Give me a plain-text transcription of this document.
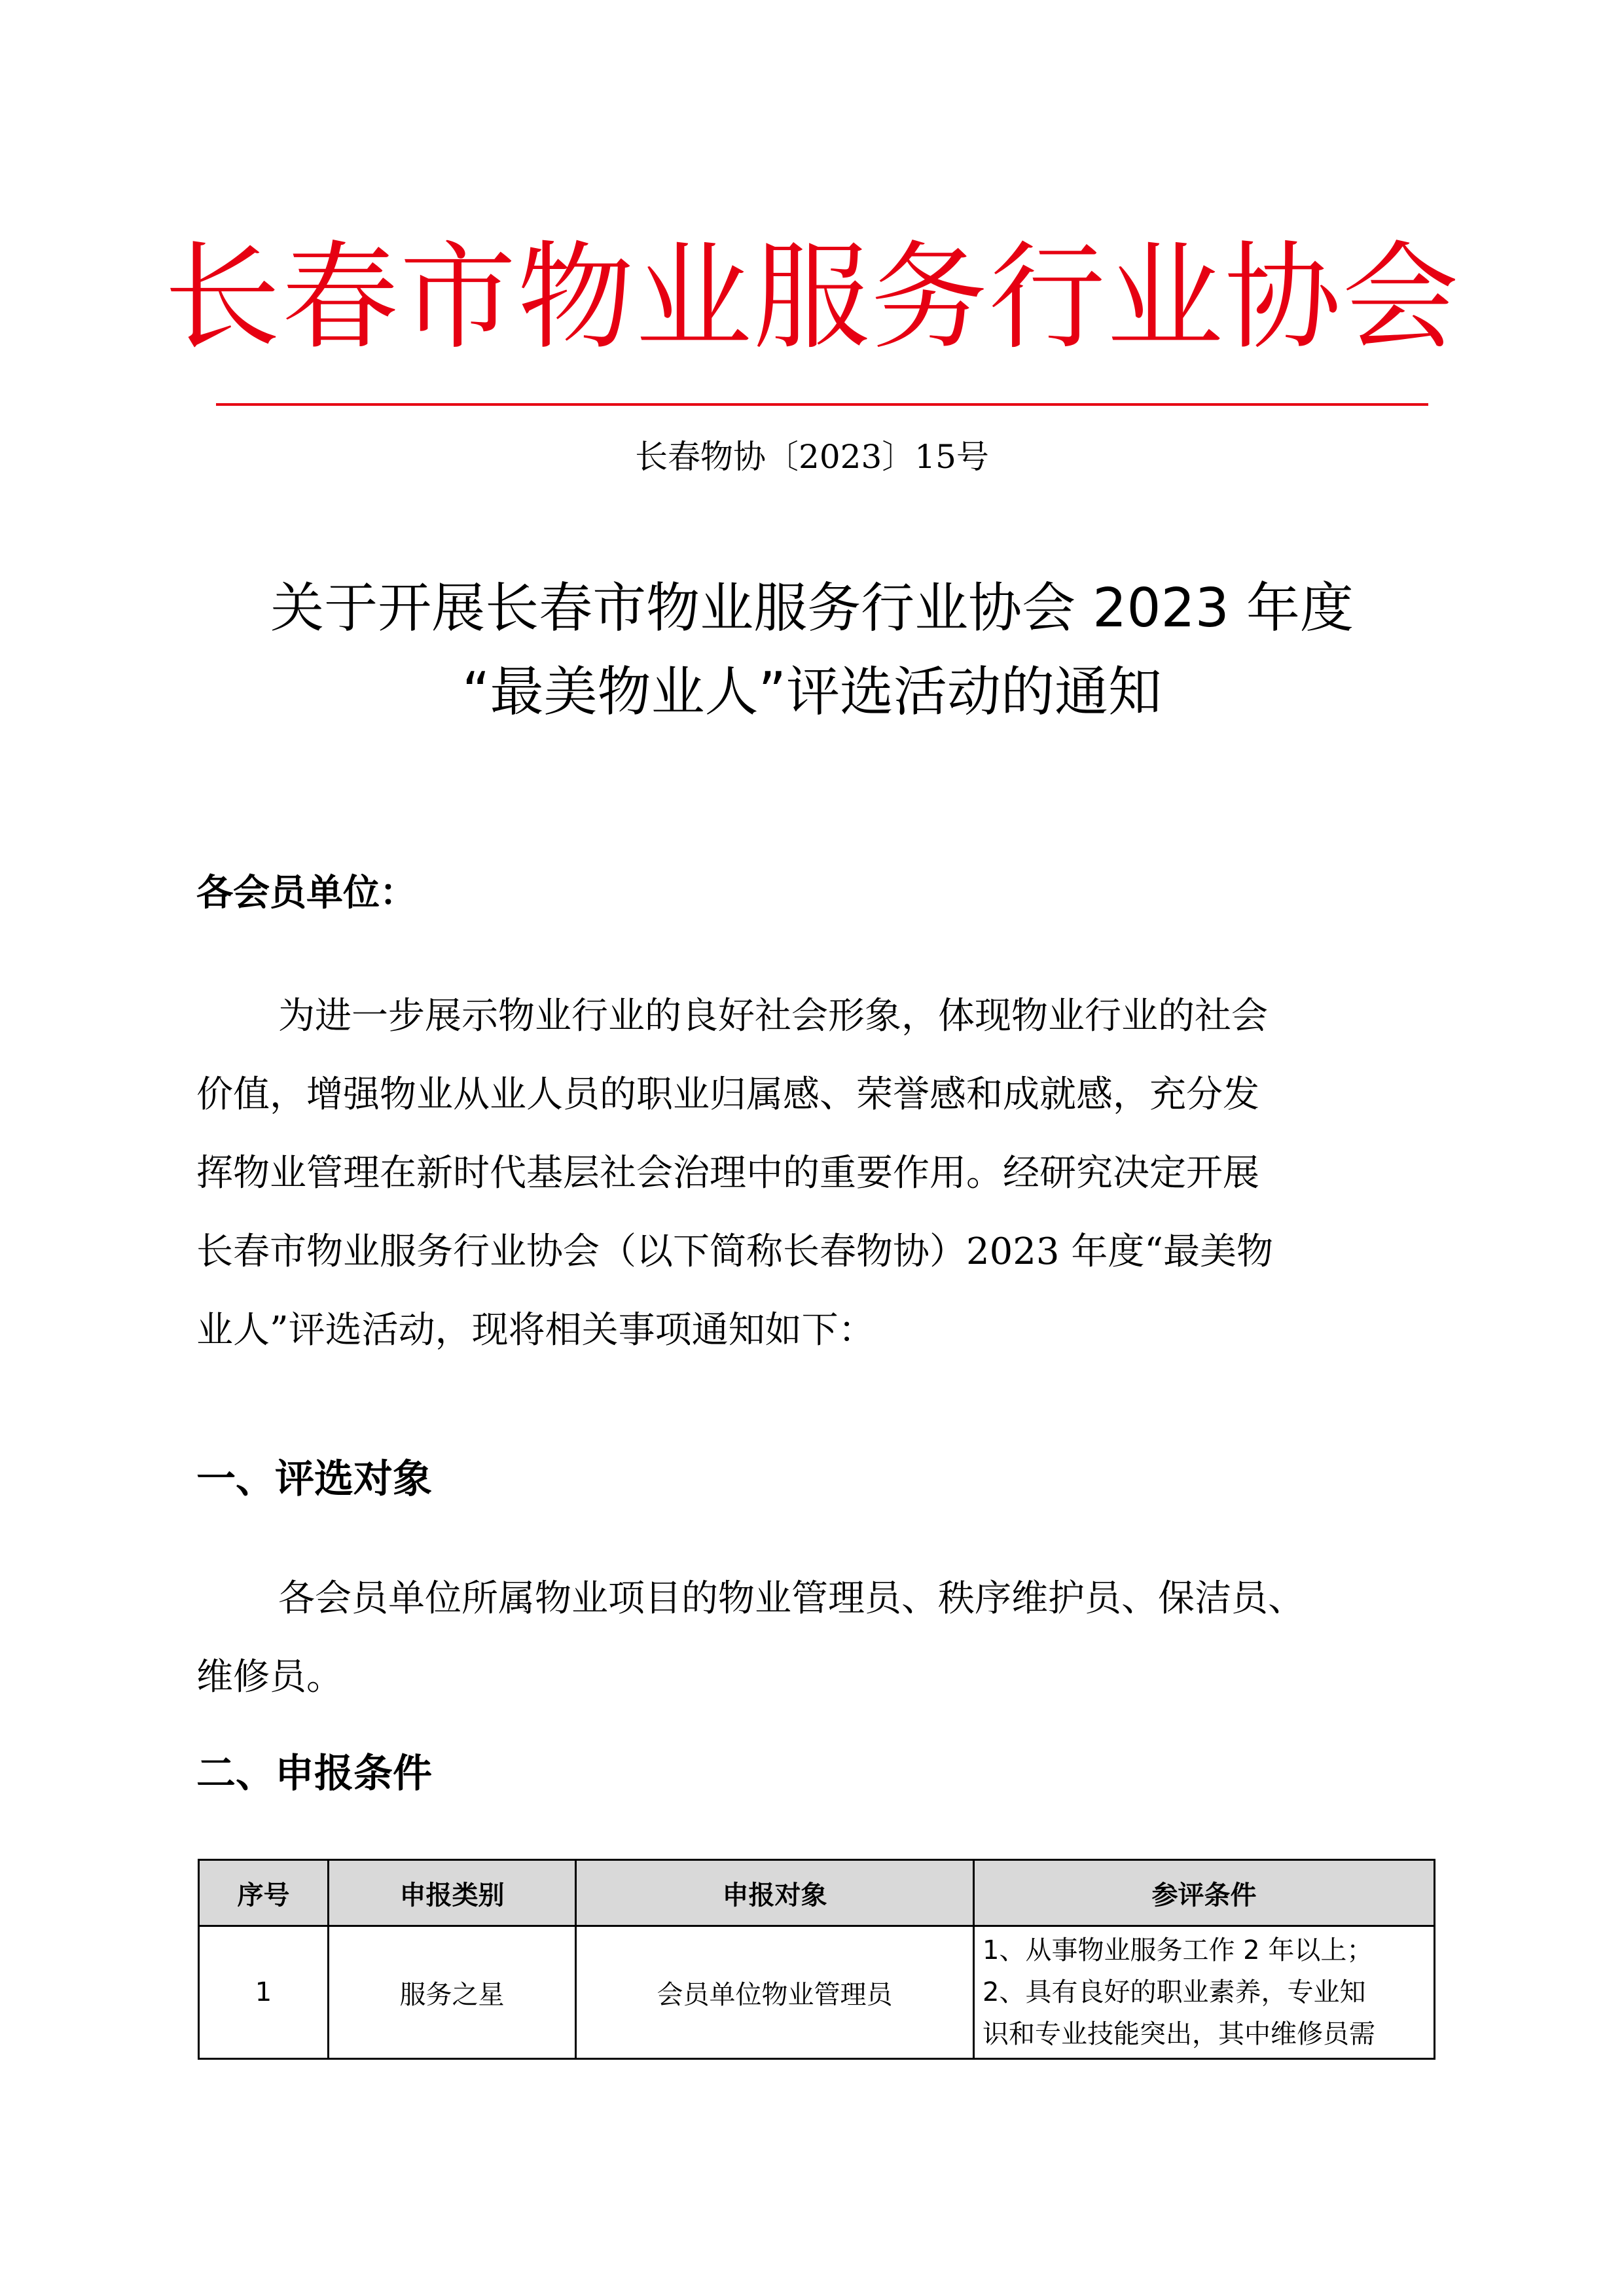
长春市物业服务行业协会
长春物协〔2023〕15号
关于开展长春市物业服务行业协会 2023 年度
“最美物业人”评选活动的通知
各会员单位：
为进一步展示物业行业的良好社会形象，体现物业行业的社会
价值，增强物业从业人员的职业归属感、荣誉感和成就感，充分发
挥物业管理在新时代基层社会治理中的重要作用。经研究决定开展
长春市物业服务行业协会（以下简称长春物协）2023 年度“最美物
业人”评选活动，现将相关事项通知如下：
一、评选对象
各会员单位所属物业项目的物业管理员、秩序维护员、保洁员、
维修员。
二、申报条件
序号	申报类别	申报对象	参评条件
1	服务之星	会员单位物业管理员	1、从事物业服务工作 2 年以上；
2、具有良好的职业素养，专业知
识和专业技能突出，其中维修员需
